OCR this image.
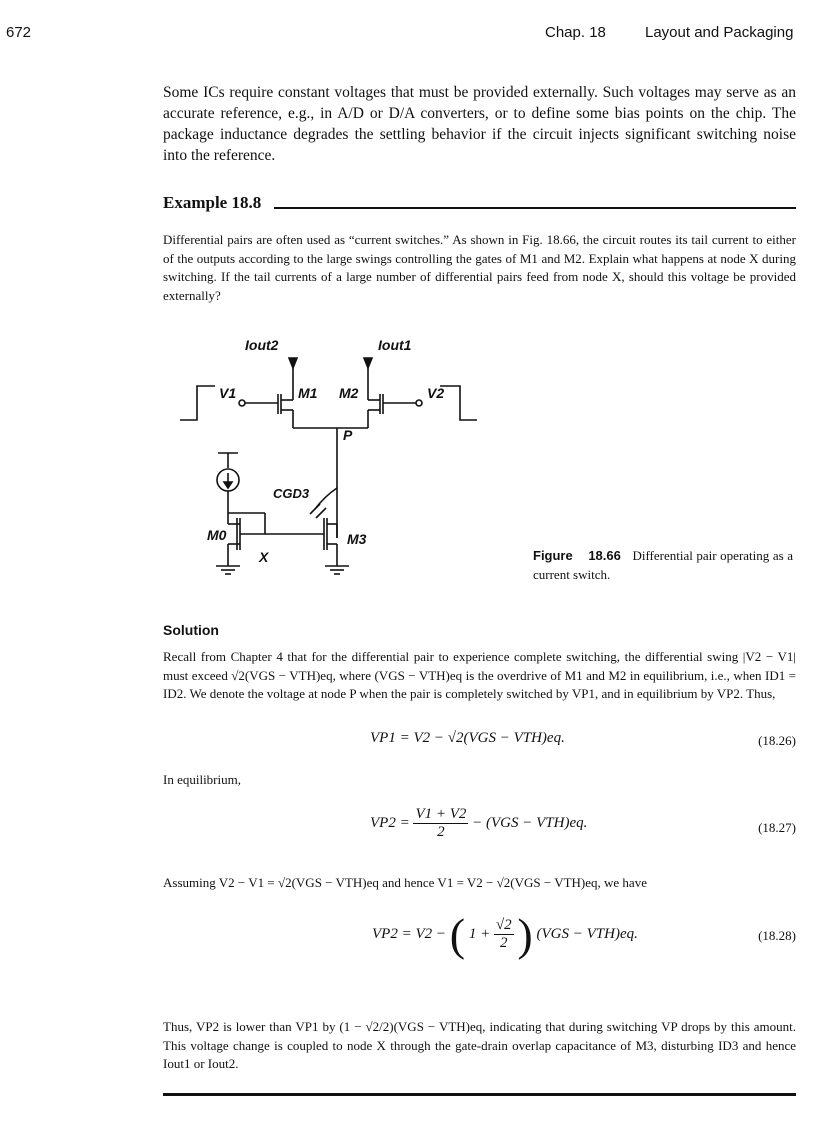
672	Chap. 18	Layout and Packaging
Some ICs require constant voltages that must be provided externally. Such voltages may serve as an accurate reference, e.g., in A/D or D/A converters, or to define some bias points on the chip. The package inductance degrades the settling behavior if the circuit injects significant switching noise into the reference.
Example 18.8
Differential pairs are often used as “current switches.” As shown in Fig. 18.66, the circuit routes its tail current to either of the outputs according to the large swings controlling the gates of M1 and M2. Explain what happens at node X during switching. If the tail currents of a large number of differential pairs feed from node X, should this voltage be provided externally?
Iout2	Iout1
V1	V2
M1 M2
P
CGD3
M0	M3
X	Figure 18.66 Differential pair operating as a current switch.
Solution
Recall from Chapter 4 that for the differential pair to experience complete switching, the differential swing |V2 − V1| must exceed √2(VGS − VTH)eq, where (VGS − VTH)eq is the overdrive of M1 and M2 in equilibrium, i.e., when ID1 = ID2. We denote the voltage at node P when the pair is completely switched by VP1, and in equilibrium by VP2. Thus,
VP1 = V2 − √2(VGS − VTH)eq.	(18.26)
In equilibrium,
$VP2 = \frac{V1 + V2}{2} - (VGS - VTH)eq$.	(18.27)
Assuming V2 − V1 = √2(VGS − VTH)eq and hence V1 = V2 − √2(VGS − VTH)eq, we have
VP2 = V2 − ( $1 + \frac{√2}{2}$ ) (VGS − VTH)eq.	(18.28)
Thus, VP2 is lower than VP1 by (1 − √2/2)(VGS − VTH)eq, indicating that during switching VP drops by this amount. This voltage change is coupled to node X through the gate-drain overlap capacitance of M3, disturbing ID3 and hence Iout1 or Iout2.
